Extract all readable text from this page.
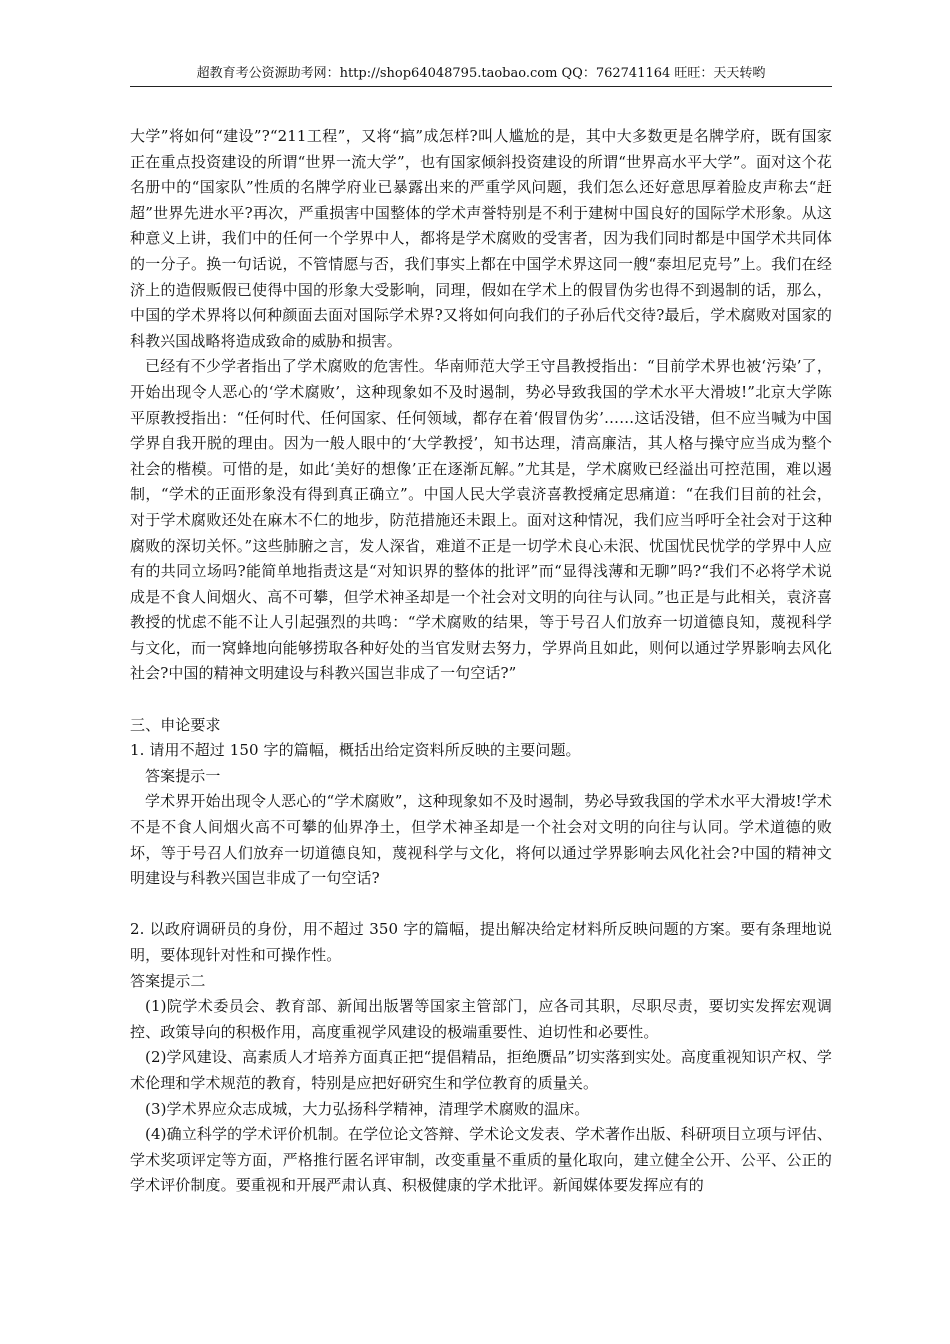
超教育考公资源助考网：http://shop64048795.taobao.com QQ：762741164 旺旺：天天转哟

大学”将如何“建设”?“211工程”，又将“搞”成怎样?叫人尴尬的是，其中大多数更是名牌学府，既有国家正在重点投资建设的所谓“世界一流大学”，也有国家倾斜投资建设的所谓“世界高水平大学”。面对这个花名册中的“国家队”性质的名牌学府业已暴露出来的严重学风问题，我们怎么还好意思厚着脸皮声称去“赶超”世界先进水平?再次，严重损害中国整体的学术声誉特别是不利于建树中国良好的国际学术形象。从这种意义上讲，我们中的任何一个学界中人，都将是学术腐败的受害者，因为我们同时都是中国学术共同体的一分子。换一句话说，不管情愿与否，我们事实上都在中国学术界这同一艘“泰坦尼克号”上。我们在经济上的造假贩假已使得中国的形象大受影响，同理，假如在学术上的假冒伪劣也得不到遏制的话，那么，中国的学术界将以何种颜面去面对国际学术界?又将如何向我们的子孙后代交待?最后，学术腐败对国家的科教兴国战略将造成致命的威胁和损害。

已经有不少学者指出了学术腐败的危害性。华南师范大学王守昌教授指出：“目前学术界也被‘污染’了，开始出现令人恶心的‘学术腐败’，这种现象如不及时遏制，势必导致我国的学术水平大滑坡!”北京大学陈平原教授指出：“任何时代、任何国家、任何领域，都存在着‘假冒伪劣’……这话没错，但不应当喊为中国学界自我开脱的理由。因为一般人眼中的‘大学教授’，知书达理，清高廉洁，其人格与操守应当成为整个社会的楷模。可惜的是，如此‘美好的想像’正在逐渐瓦解。”尤其是，学术腐败已经溢出可控范围，难以遏制，“学术的正面形象没有得到真正确立”。中国人民大学袁济喜教授痛定思痛道：“在我们目前的社会，对于学术腐败还处在麻木不仁的地步，防范措施还未跟上。面对这种情况，我们应当呼吁全社会对于这种腐败的深切关怀。”这些肺腑之言，发人深省，难道不正是一切学术良心未泯、忧国忧民忧学的学界中人应有的共同立场吗?能简单地指责这是“对知识界的整体的批评”而“显得浅薄和无聊”吗?“我们不必将学术说成是不食人间烟火、高不可攀，但学术神圣却是一个社会对文明的向往与认同。”也正是与此相关，袁济喜教授的忧虑不能不让人引起强烈的共鸣：“学术腐败的结果，等于号召人们放弃一切道德良知，蔑视科学与文化，而一窝蜂地向能够捞取各种好处的当官发财去努力，学界尚且如此，则何以通过学界影响去风化社会?中国的精神文明建设与科教兴国岂非成了一句空话?”

三、申论要求

1. 请用不超过 150 字的篇幅，概括出给定资料所反映的主要问题。

答案提示一

学术界开始出现令人恶心的“学术腐败”，这种现象如不及时遏制，势必导致我国的学术水平大滑坡!学术不是不食人间烟火高不可攀的仙界净土，但学术神圣却是一个社会对文明的向往与认同。学术道德的败坏，等于号召人们放弃一切道德良知，蔑视科学与文化，将何以通过学界影响去风化社会?中国的精神文明建设与科教兴国岂非成了一句空话?

2. 以政府调研员的身份，用不超过 350 字的篇幅，提出解决给定材料所反映问题的方案。要有条理地说明，要体现针对性和可操作性。

答案提示二

(1)院学术委员会、教育部、新闻出版署等国家主管部门，应各司其职，尽职尽责，要切实发挥宏观调控、政策导向的积极作用，高度重视学风建设的极端重要性、迫切性和必要性。

(2)学风建设、高素质人才培养方面真正把“提倡精品，拒绝赝品”切实落到实处。高度重视知识产权、学术伦理和学术规范的教育，特别是应把好研究生和学位教育的质量关。

(3)学术界应众志成城，大力弘扬科学精神，清理学术腐败的温床。

(4)确立科学的学术评价机制。在学位论文答辩、学术论文发表、学术著作出版、科研项目立项与评估、学术奖项评定等方面，严格推行匿名评审制，改变重量不重质的量化取向，建立健全公开、公平、公正的学术评价制度。要重视和开展严肃认真、积极健康的学术批评。新闻媒体要发挥应有的
